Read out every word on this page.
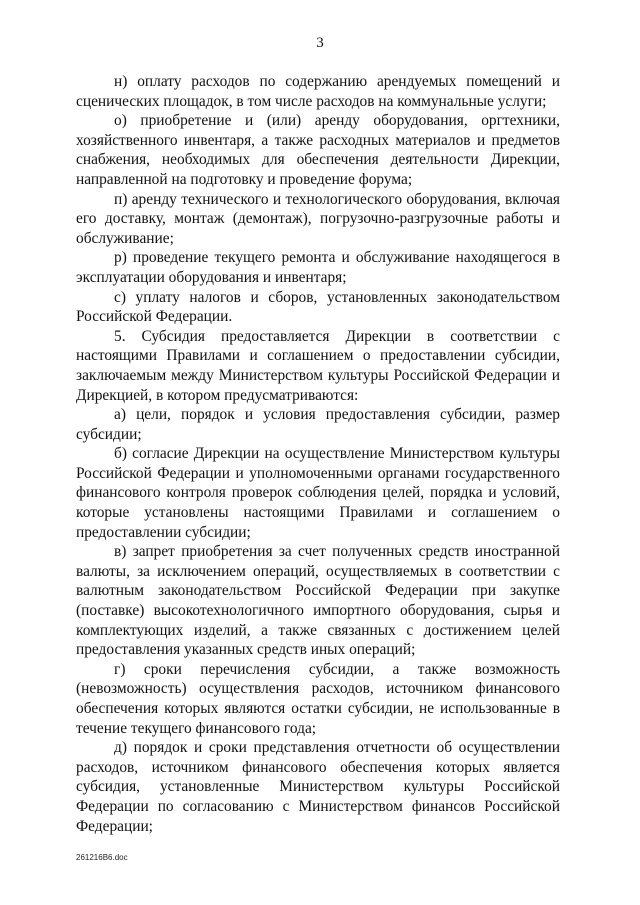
3

н) оплату расходов по содержанию арендуемых помещений и сценических площадок, в том числе расходов на коммунальные услуги;

о) приобретение и (или) аренду оборудования, оргтехники, хозяйственного инвентаря, а также расходных материалов и предметов снабжения, необходимых для обеспечения деятельности Дирекции, направленной на подготовку и проведение форума;

п) аренду технического и технологического оборудования, включая его доставку, монтаж (демонтаж), погрузочно-разгрузочные работы и обслуживание;

р) проведение текущего ремонта и обслуживание находящегося в эксплуатации оборудования и инвентаря;

с) уплату налогов и сборов, установленных законодательством Российской Федерации.

5. Субсидия предоставляется Дирекции в соответствии с настоящими Правилами и соглашением о предоставлении субсидии, заключаемым между Министерством культуры Российской Федерации и Дирекцией, в котором предусматриваются:

а) цели, порядок и условия предоставления субсидии, размер субсидии;

б) согласие Дирекции на осуществление Министерством культуры Российской Федерации и уполномоченными органами государственного финансового контроля проверок соблюдения целей, порядка и условий, которые установлены настоящими Правилами и соглашением о предоставлении субсидии;

в) запрет приобретения за счет полученных средств иностранной валюты, за исключением операций, осуществляемых в соответствии с валютным законодательством Российской Федерации при закупке (поставке) высокотехнологичного импортного оборудования, сырья и комплектующих изделий, а также связанных с достижением целей предоставления указанных средств иных операций;

г) сроки перечисления субсидии, а также возможность (невозможность) осуществления расходов, источником финансового обеспечения которых являются остатки субсидии, не использованные в течение текущего финансового года;

д) порядок и сроки представления отчетности об осуществлении расходов, источником финансового обеспечения которых является субсидия, установленные Министерством культуры Российской Федерации по согласованию с Министерством финансов Российской Федерации;

261216В6.doc
